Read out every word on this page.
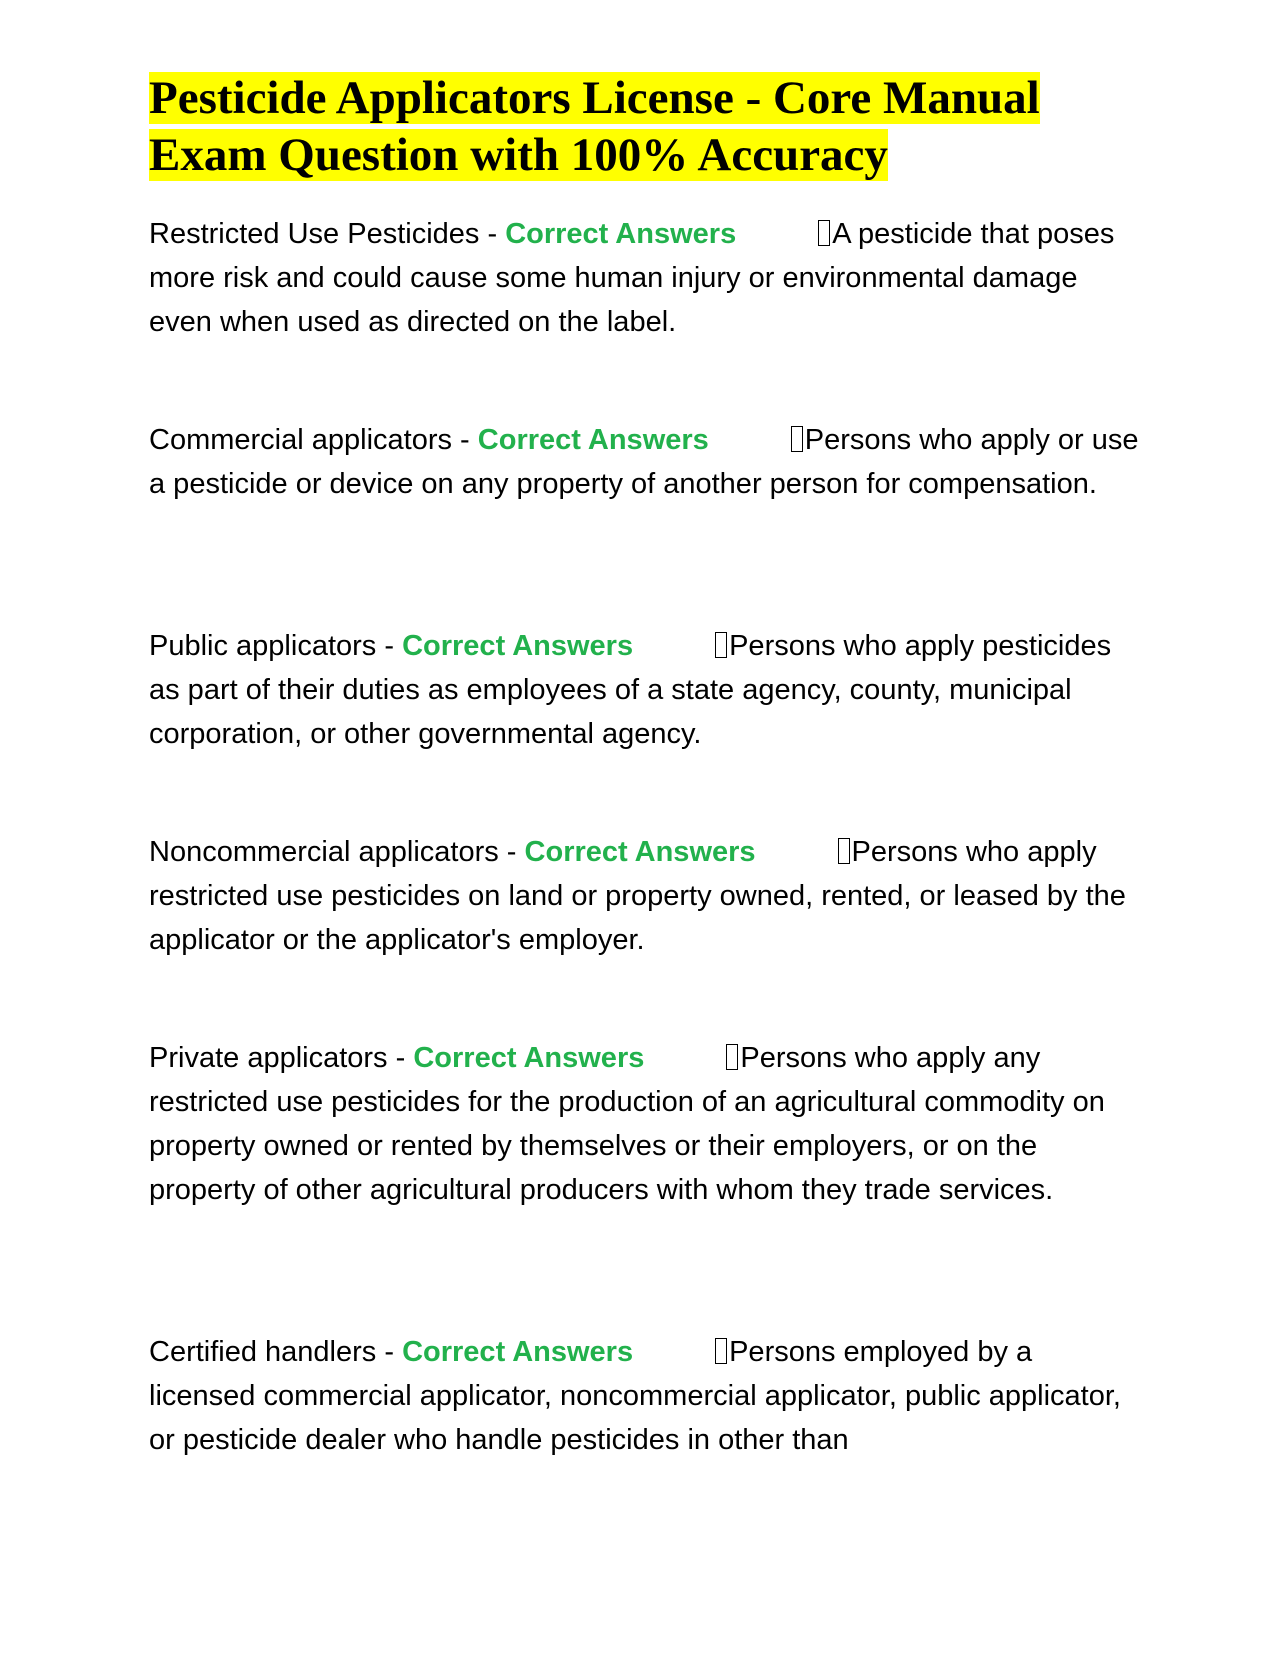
Pesticide Applicators License - Core Manual Exam Question with 100% Accuracy

Restricted Use Pesticides - Correct Answers	A pesticide that poses more risk and could cause some human injury or environmental damage even when used as directed on the label.

Commercial applicators - Correct Answers	Persons who apply or use a pesticide or device on any property of another person for compensation.

Public applicators - Correct Answers	Persons who apply pesticides as part of their duties as employees of a state agency, county, municipal corporation, or other governmental agency.

Noncommercial applicators - Correct Answers	Persons who apply restricted use pesticides on land or property owned, rented, or leased by the applicator or the applicator's employer.

Private applicators - Correct Answers	Persons who apply any restricted use pesticides for the production of an agricultural commodity on property owned or rented by themselves or their employers, or on the property of other agricultural producers with whom they trade services.

Certified handlers - Correct Answers	Persons employed by a licensed commercial applicator, noncommercial applicator, public applicator, or pesticide dealer who handle pesticides in other than
